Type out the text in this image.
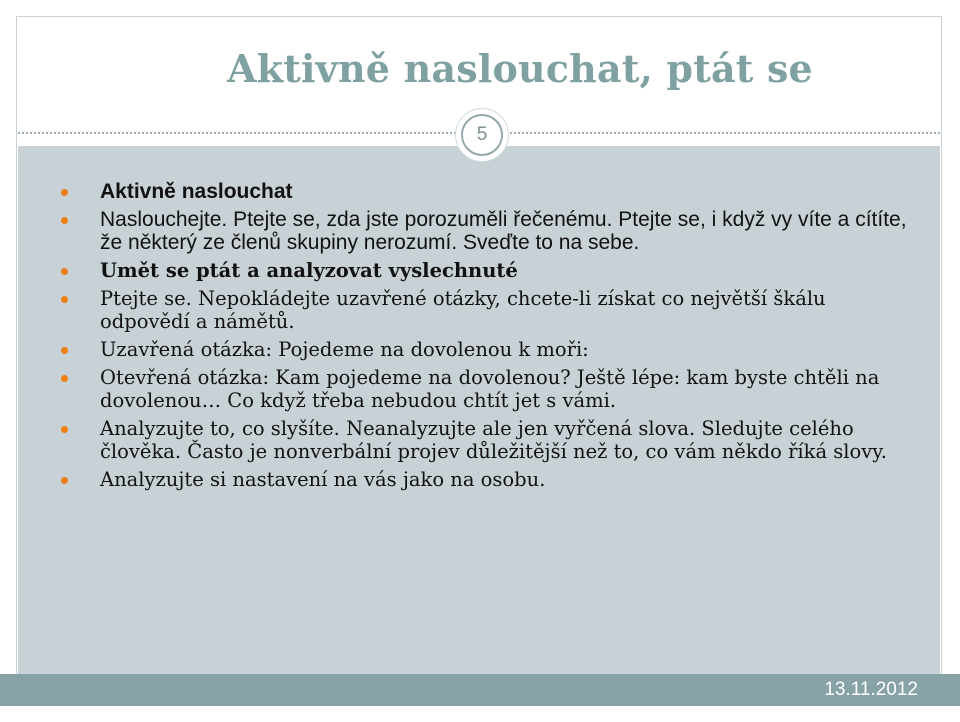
Aktivně naslouchat, ptát se
5
Aktivně naslouchat
Naslouchejte. Ptejte se, zda jste porozuměli řečenému. Ptejte se, i když vy víte a cítíte, že některý ze členů skupiny nerozumí. Sveďte to na sebe.
Umět se ptát a analyzovat vyslechnuté
Ptejte se. Nepokládejte uzavřené otázky, chcete-li získat co největší škálu odpovědí a námětů.
Uzavřená otázka: Pojedeme na dovolenou k moři:
Otevřená otázka: Kam pojedeme na dovolenou? Ještě lépe: kam byste chtěli na dovolenou… Co když třeba nebudou chtít jet s vámi.
Analyzujte to, co slyšíte. Neanalyzujte ale jen vyřčená slova. Sledujte celého člověka. Často je nonverbální projev důležitější než to, co vám někdo říká slovy.
Analyzujte si nastavení na vás jako na osobu.
13.11.2012
